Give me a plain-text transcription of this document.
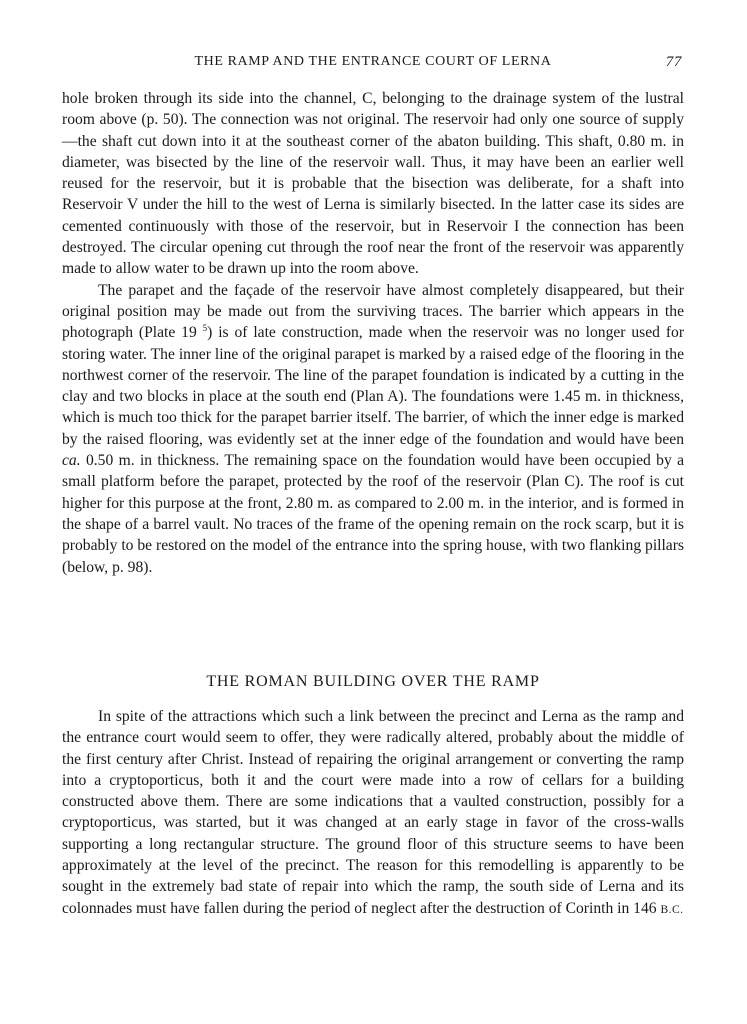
THE RAMP AND THE ENTRANCE COURT OF LERNA	77

hole broken through its side into the channel, C, belonging to the drainage system of the lustral room above (p. 50). The connection was not original. The reservoir had only one source of supply—the shaft cut down into it at the southeast corner of the abaton building. This shaft, 0.80 m. in diameter, was bisected by the line of the reservoir wall. Thus, it may have been an earlier well reused for the reservoir, but it is probable that the bisection was deliberate, for a shaft into Reservoir V under the hill to the west of Lerna is similarly bisected. In the latter case its sides are cemented continuously with those of the reservoir, but in Reservoir I the connection has been destroyed. The circular opening cut through the roof near the front of the reservoir was apparently made to allow water to be drawn up into the room above.

The parapet and the façade of the reservoir have almost completely disappeared, but their original position may be made out from the surviving traces. The barrier which appears in the photograph (Plate 19 $^5$) is of late construction, made when the reservoir was no longer used for storing water. The inner line of the original parapet is marked by a raised edge of the flooring in the northwest corner of the reservoir. The line of the parapet foundation is indicated by a cutting in the clay and two blocks in place at the south end (Plan A). The foundations were 1.45 m. in thickness, which is much too thick for the parapet barrier itself. The barrier, of which the inner edge is marked by the raised flooring, was evidently set at the inner edge of the foundation and would have been ca. 0.50 m. in thickness. The remaining space on the foundation would have been occupied by a small platform before the parapet, protected by the roof of the reservoir (Plan C). The roof is cut higher for this purpose at the front, 2.80 m. as compared to 2.00 m. in the interior, and is formed in the shape of a barrel vault. No traces of the frame of the opening remain on the rock scarp, but it is probably to be restored on the model of the entrance into the spring house, with two flanking pillars (below, p. 98).

THE ROMAN BUILDING OVER THE RAMP

In spite of the attractions which such a link between the precinct and Lerna as the ramp and the entrance court would seem to offer, they were radically altered, probably about the middle of the first century after Christ. Instead of repairing the original arrangement or converting the ramp into a cryptoporticus, both it and the court were made into a row of cellars for a building constructed above them. There are some indications that a vaulted construction, possibly for a cryptoporticus, was started, but it was changed at an early stage in favor of the cross-walls supporting a long rectangular structure. The ground floor of this structure seems to have been approximately at the level of the precinct. The reason for this remodelling is apparently to be sought in the extremely bad state of repair into which the ramp, the south side of Lerna and its colonnades must have fallen during the period of neglect after the destruction of Corinth in 146 B.C.
